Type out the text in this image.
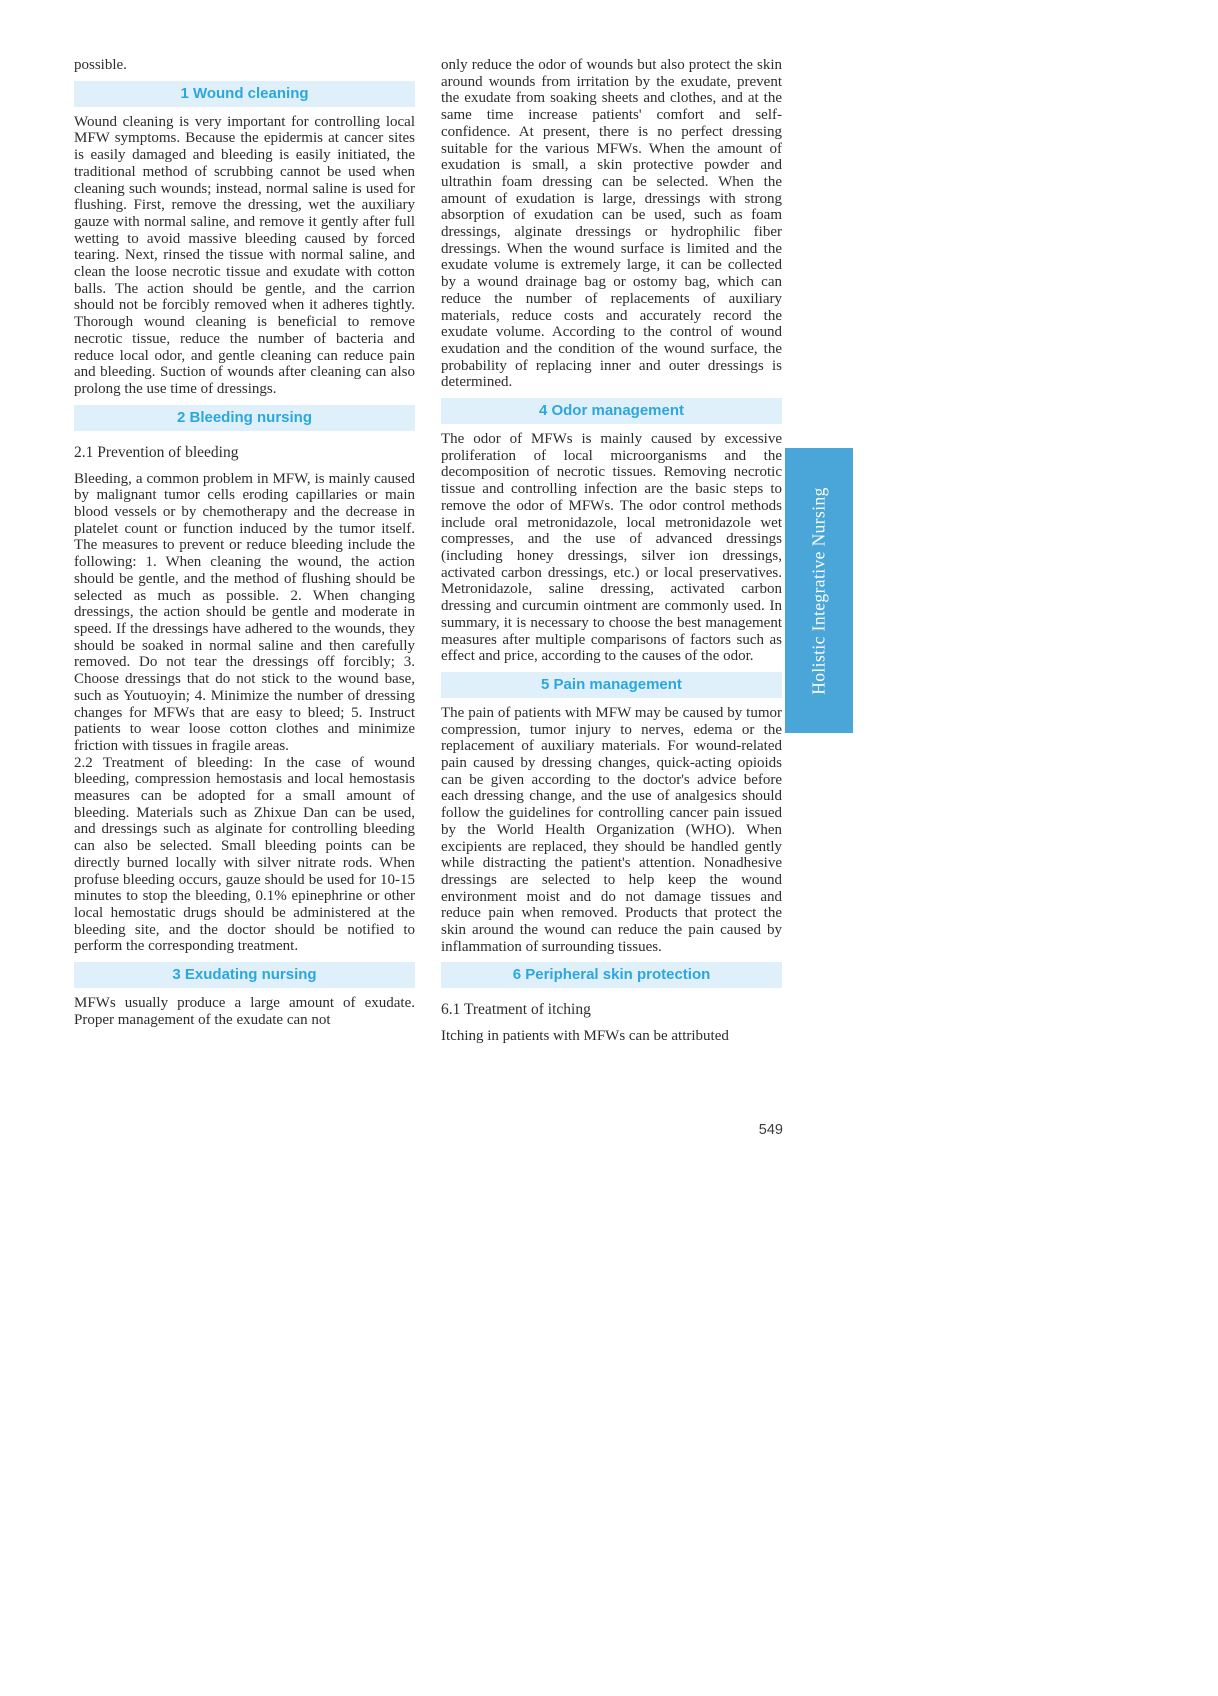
possible.

1 Wound cleaning

Wound cleaning is very important for controlling local MFW symptoms. Because the epidermis at cancer sites is easily damaged and bleeding is easily initiated, the traditional method of scrubbing cannot be used when cleaning such wounds; instead, normal saline is used for flushing. First, remove the dressing, wet the auxiliary gauze with normal saline, and remove it gently after full wetting to avoid massive bleeding caused by forced tearing. Next, rinsed the tissue with normal saline, and clean the loose necrotic tissue and exudate with cotton balls. The action should be gentle, and the carrion should not be forcibly removed when it adheres tightly. Thorough wound cleaning is beneficial to remove necrotic tissue, reduce the number of bacteria and reduce local odor, and gentle cleaning can reduce pain and bleeding. Suction of wounds after cleaning can also prolong the use time of dressings.

2 Bleeding nursing
2.1 Prevention of bleeding

Bleeding, a common problem in MFW, is mainly caused by malignant tumor cells eroding capillaries or main blood vessels or by chemotherapy and the decrease in platelet count or function induced by the tumor itself. The measures to prevent or reduce bleeding include the following: 1. When cleaning the wound, the action should be gentle, and the method of flushing should be selected as much as possible. 2. When changing dressings, the action should be gentle and moderate in speed. If the dressings have adhered to the wounds, they should be soaked in normal saline and then carefully removed. Do not tear the dressings off forcibly; 3. Choose dressings that do not stick to the wound base, such as Youtuoyin; 4. Minimize the number of dressing changes for MFWs that are easy to bleed; 5. Instruct patients to wear loose cotton clothes and minimize friction with tissues in fragile areas.

2.2 Treatment of bleeding: In the case of wound bleeding, compression hemostasis and local hemostasis measures can be adopted for a small amount of bleeding. Materials such as Zhixue Dan can be used, and dressings such as alginate for controlling bleeding can also be selected. Small bleeding points can be directly burned locally with silver nitrate rods. When profuse bleeding occurs, gauze should be used for 10-15 minutes to stop the bleeding, 0.1% epinephrine or other local hemostatic drugs should be administered at the bleeding site, and the doctor should be notified to perform the corresponding treatment.

3 Exudating nursing

MFWs usually produce a large amount of exudate. Proper management of the exudate can not

only reduce the odor of wounds but also protect the skin around wounds from irritation by the exudate, prevent the exudate from soaking sheets and clothes, and at the same time increase patients' comfort and self-confidence. At present, there is no perfect dressing suitable for the various MFWs. When the amount of exudation is small, a skin protective powder and ultrathin foam dressing can be selected. When the amount of exudation is large, dressings with strong absorption of exudation can be used, such as foam dressings, alginate dressings or hydrophilic fiber dressings. When the wound surface is limited and the exudate volume is extremely large, it can be collected by a wound drainage bag or ostomy bag, which can reduce the number of replacements of auxiliary materials, reduce costs and accurately record the exudate volume. According to the control of wound exudation and the condition of the wound surface, the probability of replacing inner and outer dressings is determined.

4 Odor management

The odor of MFWs is mainly caused by excessive proliferation of local microorganisms and the decomposition of necrotic tissues. Removing necrotic tissue and controlling infection are the basic steps to remove the odor of MFWs. The odor control methods include oral metronidazole, local metronidazole wet compresses, and the use of advanced dressings (including honey dressings, silver ion dressings, activated carbon dressings, etc.) or local preservatives. Metronidazole, saline dressing, activated carbon dressing and curcumin ointment are commonly used. In summary, it is necessary to choose the best management measures after multiple comparisons of factors such as effect and price, according to the causes of the odor.

5 Pain management

The pain of patients with MFW may be caused by tumor compression, tumor injury to nerves, edema or the replacement of auxiliary materials. For wound-related pain caused by dressing changes, quick-acting opioids can be given according to the doctor's advice before each dressing change, and the use of analgesics should follow the guidelines for controlling cancer pain issued by the World Health Organization (WHO). When excipients are replaced, they should be handled gently while distracting the patient's attention. Nonadhesive dressings are selected to help keep the wound environment moist and do not damage tissues and reduce pain when removed. Products that protect the skin around the wound can reduce the pain caused by inflammation of surrounding tissues.

6 Peripheral skin protection
6.1 Treatment of itching

Itching in patients with MFWs can be attributed

Holistic Integrative Nursing
549
